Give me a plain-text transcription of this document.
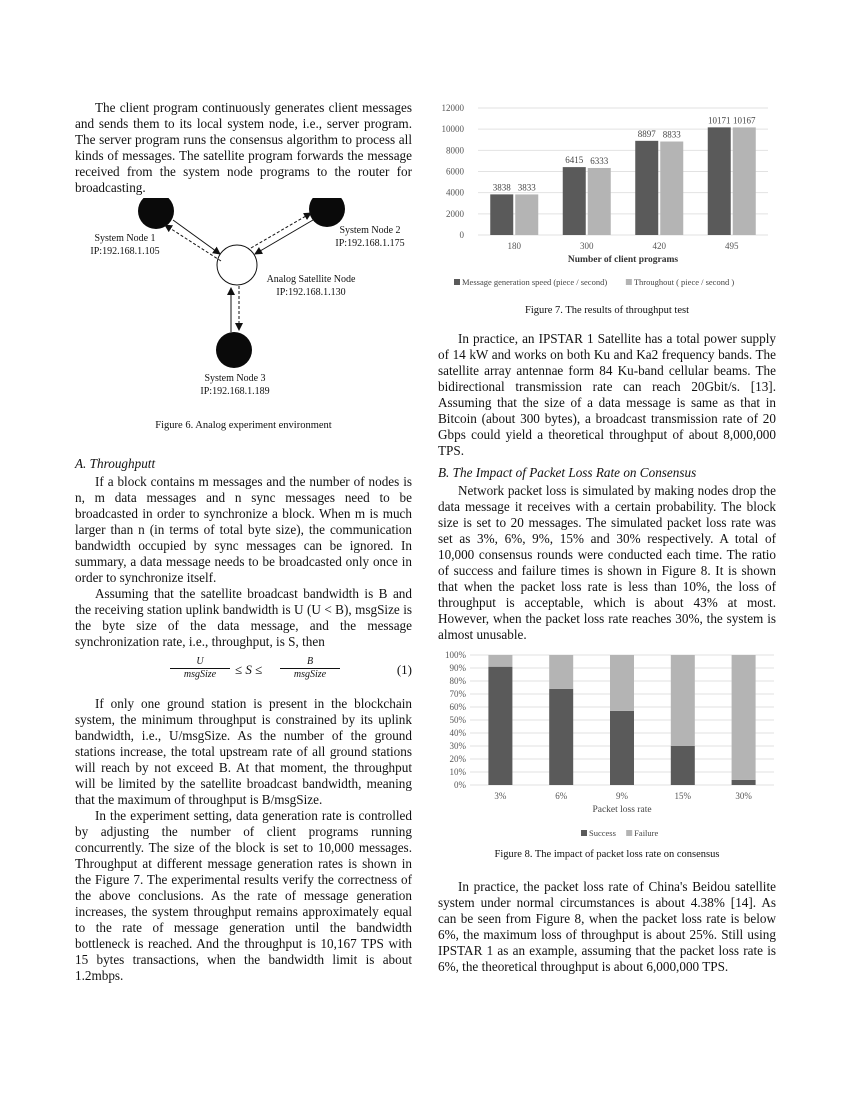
The client program continuously generates client messages and sends them to its local system node, i.e., server program. The server program runs the consensus algorithm to process all kinds of messages. The satellite program forwards the message received from the system node programs to the router for broadcasting.

System Node 1
IP:192.168.1.105
System Node 2
IP:192.168.1.175
Analog Satellite Node
IP:192.168.1.130
System Node 3
IP:192.168.1.189

Figure 6. Analog experiment environment

A. Throughputt

If a block contains m messages and the number of nodes is n, m data messages and n sync messages need to be broadcasted in order to synchronize a block. When m is much larger than n (in terms of total byte size), the communication bandwidth occupied by sync messages can be ignored. In summary, a data message needs to be broadcasted only once in order to synchronize itself.

Assuming that the satellite broadcast bandwidth is B and the receiving station uplink bandwidth is U (U < B), msgSize is the byte size of the data message, and the message synchronization rate, i.e., throughput, is S, then

U
msgSize	≤ S ≤
B
msgSize	(1)

If only one ground station is present in the blockchain system, the minimum throughput is constrained by its uplink bandwidth, i.e., U/msgSize. As the number of the ground stations increase, the total upstream rate of all ground stations will reach by not exceed B. At that moment, the throughput will be limited by the satellite broadcast bandwidth, meaning that the maximum of throughput is B/msgSize.

In the experiment setting, data generation rate is controlled by adjusting the number of client programs running concurrently. The size of the block is set to 10,000 messages. Throughput at different message generation rates is shown in the Figure 7. The experimental results verify the correctness of the above conclusions. As the rate of message generation increases, the system throughput remains approximately equal to the rate of message generation until the bandwidth bottleneck is reached. And the throughput is 10,167 TPS with 15 bytes transactions, when the bandwidth limit is about 1.2mbps.

0
2000
4000
6000
8000
10000
12000
3838 3833
180
6415 6333
300
8897 8833
420
10171 10167
495
Number of client programs
Message generation speed (piece / second)	Throughout ( piece / second )

Figure 7. The results of throughput test

In practice, an IPSTAR 1 Satellite has a total power supply of 14 kW and works on both Ku and Ka2 frequency bands. The satellite array antennae form 84 Ku-band cellular beams. The bidirectional transmission rate can reach 20Gbit/s. [13]. Assuming that the size of a data message is same as that in Bitcoin (about 300 bytes), a broadcast transmission rate of 20 Gbps could yield a theoretical throughput of about 8,000,000 TPS.

B. The Impact of Packet Loss Rate on Consensus

Network packet loss is simulated by making nodes drop the data message it receives with a certain probability. The block size is set to 20 messages. The simulated packet loss rate was set as 3%, 6%, 9%, 15% and 30% respectively. A total of 10,000 consensus rounds were conducted each time. The ratio of success and failure times is shown in Figure 8. It is shown that when the packet loss rate is less than 10%, the loss of throughput is acceptable, which is about 43% at most. However, when the packet loss rate reaches 30%, the system is almost unusable.

0%
10%
20%
30%
40%
50%
60%
70%
80%
90%
100%
3%	6%	9%	15%	30%
Packet loss rate
Success Failure

Figure 8. The impact of packet loss rate on consensus

In practice, the packet loss rate of China's Beidou satellite system under normal circumstances is about 4.38% [14]. As can be seen from Figure 8, when the packet loss rate is below 6%, the maximum loss of throughput is about 25%. Still using IPSTAR 1 as an example, assuming that the packet loss rate is 6%, the theoretical throughput is about 6,000,000 TPS.
